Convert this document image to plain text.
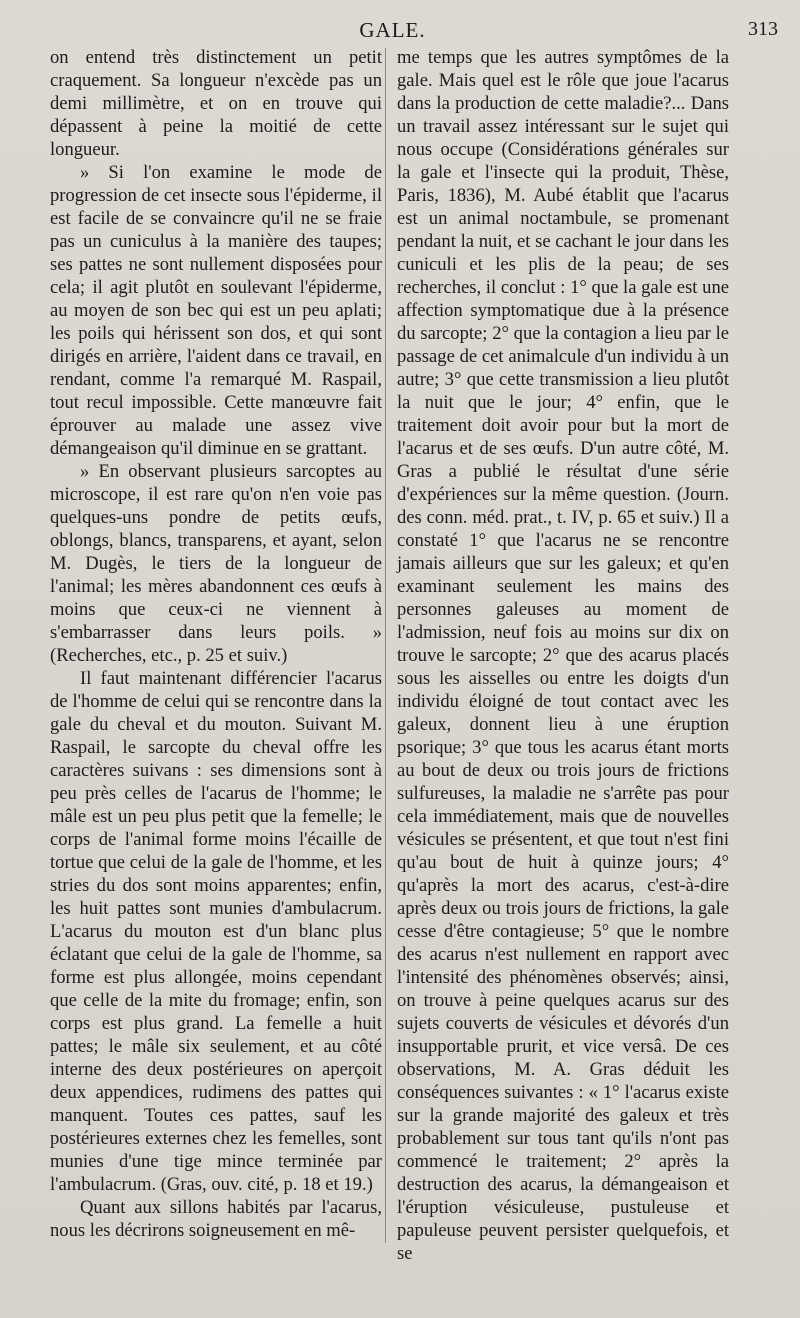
GALE.	313

on entend très distinctement un petit craquement. Sa longueur n'excède pas un demi millimètre, et on en trouve qui dépassent à peine la moitié de cette longueur.

» Si l'on examine le mode de progression de cet insecte sous l'épiderme, il est facile de se convaincre qu'il ne se fraie pas un cuniculus à la manière des taupes; ses pattes ne sont nullement disposées pour cela; il agit plutôt en soulevant l'épiderme, au moyen de son bec qui est un peu aplati; les poils qui hérissent son dos, et qui sont dirigés en arrière, l'aident dans ce travail, en rendant, comme l'a remarqué M. Raspail, tout recul impossible. Cette manœuvre fait éprouver au malade une assez vive démangeaison qu'il diminue en se grattant.

» En observant plusieurs sarcoptes au microscope, il est rare qu'on n'en voie pas quelques-uns pondre de petits œufs, oblongs, blancs, transparens, et ayant, selon M. Dugès, le tiers de la longueur de l'animal; les mères abandonnent ces œufs à moins que ceux-ci ne viennent à s'embarrasser dans leurs poils. » (Recherches, etc., p. 25 et suiv.)

Il faut maintenant différencier l'acarus de l'homme de celui qui se rencontre dans la gale du cheval et du mouton. Suivant M. Raspail, le sarcopte du cheval offre les caractères suivans : ses dimensions sont à peu près celles de l'acarus de l'homme; le mâle est un peu plus petit que la femelle; le corps de l'animal forme moins l'écaille de tortue que celui de la gale de l'homme, et les stries du dos sont moins apparentes; enfin, les huit pattes sont munies d'ambulacrum. L'acarus du mouton est d'un blanc plus éclatant que celui de la gale de l'homme, sa forme est plus allongée, moins cependant que celle de la mite du fromage; enfin, son corps est plus grand. La femelle a huit pattes; le mâle six seulement, et au côté interne des deux postérieures on aperçoit deux appendices, rudimens des pattes qui manquent. Toutes ces pattes, sauf les postérieures externes chez les femelles, sont munies d'une tige mince terminée par l'ambulacrum. (Gras, ouv. cité, p. 18 et 19.)

Quant aux sillons habités par l'acarus, nous les décrirons soigneusement en mê-

me temps que les autres symptômes de la gale. Mais quel est le rôle que joue l'acarus dans la production de cette maladie?... Dans un travail assez intéressant sur le sujet qui nous occupe (Considérations générales sur la gale et l'insecte qui la produit, Thèse, Paris, 1836), M. Aubé établit que l'acarus est un animal noctambule, se promenant pendant la nuit, et se cachant le jour dans les cuniculi et les plis de la peau; de ses recherches, il conclut : 1° que la gale est une affection symptomatique due à la présence du sarcopte; 2° que la contagion a lieu par le passage de cet animalcule d'un individu à un autre; 3° que cette transmission a lieu plutôt la nuit que le jour; 4° enfin, que le traitement doit avoir pour but la mort de l'acarus et de ses œufs. D'un autre côté, M. Gras a publié le résultat d'une série d'expériences sur la même question. (Journ. des conn. méd. prat., t. IV, p. 65 et suiv.) Il a constaté 1° que l'acarus ne se rencontre jamais ailleurs que sur les galeux; et qu'en examinant seulement les mains des personnes galeuses au moment de l'admission, neuf fois au moins sur dix on trouve le sarcopte; 2° que des acarus placés sous les aisselles ou entre les doigts d'un individu éloigné de tout contact avec les galeux, donnent lieu à une éruption psorique; 3° que tous les acarus étant morts au bout de deux ou trois jours de frictions sulfureuses, la maladie ne s'arrête pas pour cela immédiatement, mais que de nouvelles vésicules se présentent, et que tout n'est fini qu'au bout de huit à quinze jours; 4° qu'après la mort des acarus, c'est-à-dire après deux ou trois jours de frictions, la gale cesse d'être contagieuse; 5° que le nombre des acarus n'est nullement en rapport avec l'intensité des phénomènes observés; ainsi, on trouve à peine quelques acarus sur des sujets couverts de vésicules et dévorés d'un insupportable prurit, et vice versâ. De ces observations, M. A. Gras déduit les conséquences suivantes : « 1° l'acarus existe sur la grande majorité des galeux et très probablement sur tous tant qu'ils n'ont pas commencé le traitement; 2° après la destruction des acarus, la démangeaison et l'éruption vésiculeuse, pustuleuse et papuleuse peuvent persister quelquefois, et se
